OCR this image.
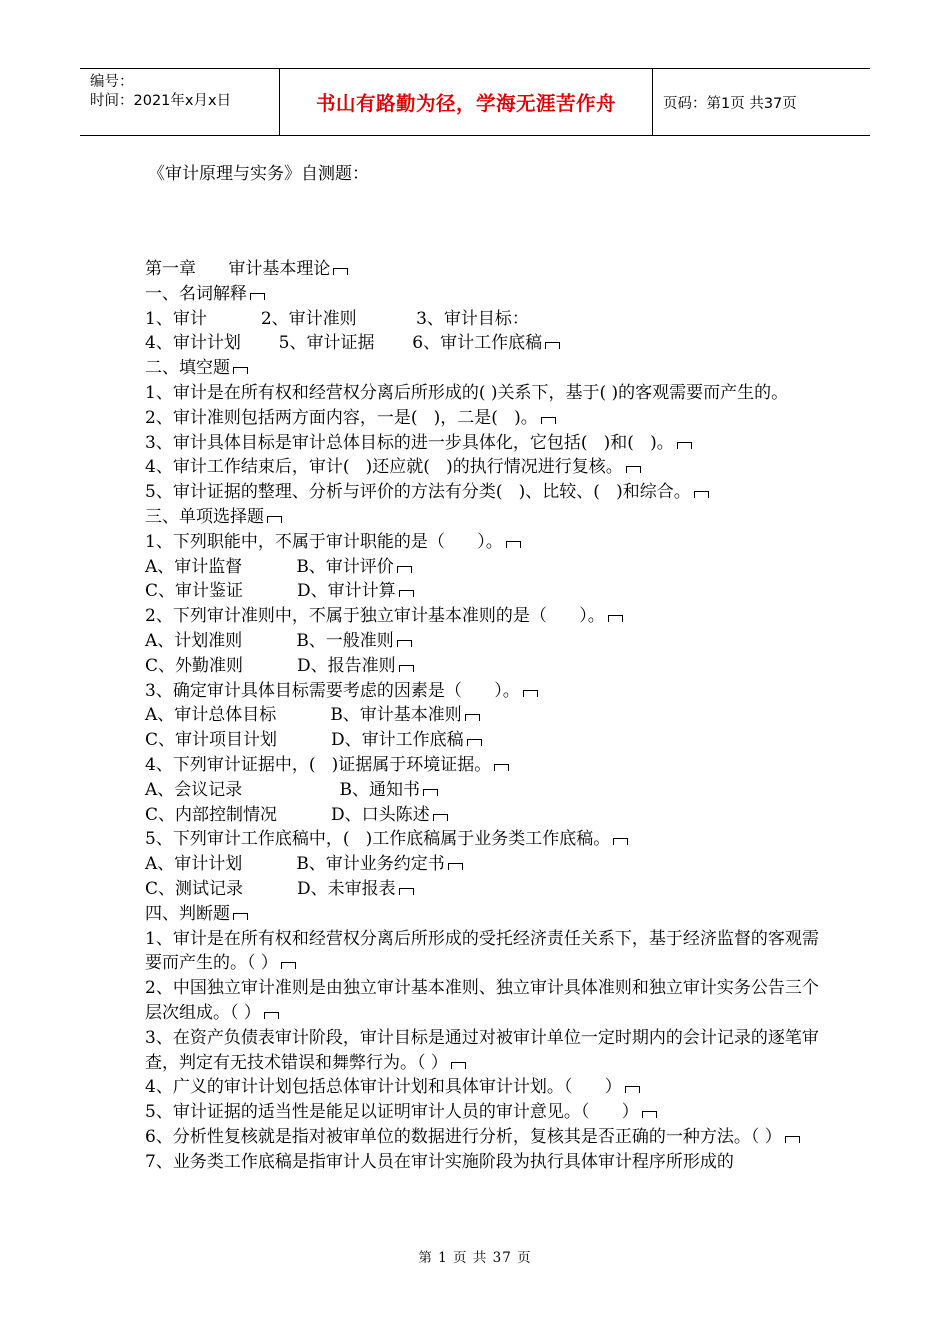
编号：
时间：2021年x月x日	书山有路勤为径，学海无涯苦作舟	页码：第1页 共37页
《审计原理与实务》自测题：
第一章      审计基本理论
一、名词解释
1、审计          2、审计准则           3、审计目标：
4、审计计划       5、审计证据       6、审计工作底稿
二、填空题
1、审计是在所有权和经营权分离后所形成的( )关系下，基于( )的客观需要而产生的。
2、审计准则包括两方面内容，一是(   )，二是(   )。
3、审计具体目标是审计总体目标的进一步具体化，它包括(   )和(   )。
4、审计工作结束后，审计(   )还应就(   )的执行情况进行复核。
5、审计证据的整理、分析与评价的方法有分类(   )、比较、(   )和综合。
三、单项选择题
1、下列职能中，不属于审计职能的是（      ）。
A、审计监督          B、审计评价
C、审计鉴证          D、审计计算
2、下列审计准则中，不属于独立审计基本准则的是（      ）。
A、计划准则          B、一般准则
C、外勤准则          D、报告准则
3、确定审计具体目标需要考虑的因素是（      ）。
A、审计总体目标          B、审计基本准则
C、审计项目计划          D、审计工作底稿
4、下列审计证据中，(   )证据属于环境证据。
A、会议记录                  B、通知书
C、内部控制情况          D、口头陈述
5、下列审计工作底稿中，(   )工作底稿属于业务类工作底稿。
A、审计计划          B、审计业务约定书
C、测试记录          D、未审报表
四、判断题
1、审计是在所有权和经营权分离后所形成的受托经济责任关系下，基于经济监督的客观需要而产生的。（ ）
2、中国独立审计准则是由独立审计基本准则、独立审计具体准则和独立审计实务公告三个层次组成。（ ）
3、在资产负债表审计阶段，审计目标是通过对被审计单位一定时期内的会计记录的逐笔审查，判定有无技术错误和舞弊行为。（ ）
4、广义的审计计划包括总体审计计划和具体审计计划。（      ）
5、审计证据的适当性是能足以证明审计人员的审计意见。（      ）
6、分析性复核就是指对被审单位的数据进行分析，复核其是否正确的一种方法。（ ）
7、业务类工作底稿是指审计人员在审计实施阶段为执行具体审计程序所形成的
第 1 页 共 37 页
